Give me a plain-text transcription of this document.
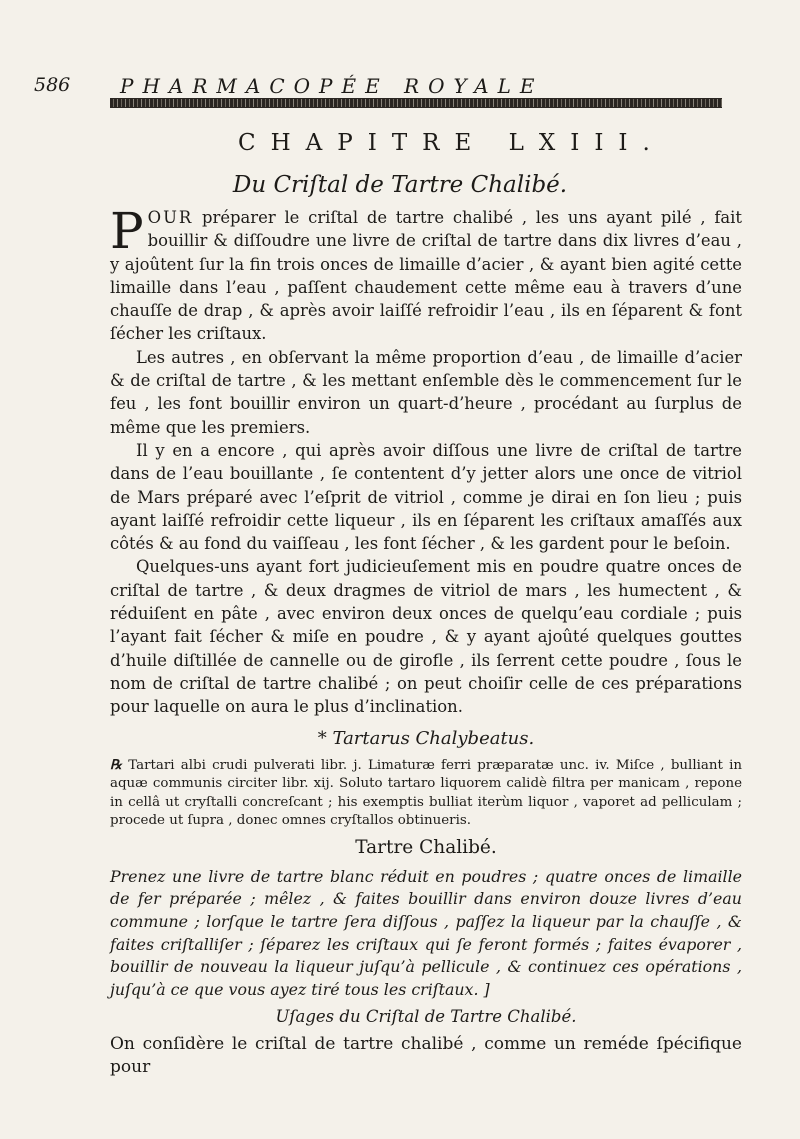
586 PHARMACOPÉE ROYALE
CHAPITRE LXIII.
Du Criſtal de Tartre Chalibé.

POUR préparer le criſtal de tartre chalibé , les uns ayant pilé , fait bouillir & diſſoudre une livre de criſtal de tartre dans dix livres d’eau , y ajoûtent ſur la fin trois onces de limaille d’acier , & ayant bien agité cette limaille dans l’eau , paſſent chaudement cette même eau à travers d’une chauſſe de drap , & après avoir laiſſé refroidir l’eau , ils en ſéparent & font ſécher les criſtaux.

Les autres , en obſervant la même proportion d’eau , de limaille d’acier & de criſtal de tartre , & les mettant enſemble dès le commencement ſur le feu , les font bouillir environ un quart-d’heure , procédant au ſurplus de même que les premiers.

Il y en a encore , qui après avoir diſſous une livre de criſtal de tartre dans de l’eau bouillante , ſe contentent d’y jetter alors une once de vitriol de Mars préparé avec l’eſprit de vitriol , comme je dirai en ſon lieu ; puis ayant laiſſé refroidir cette liqueur , ils en ſéparent les criſtaux amaſſés aux côtés & au fond du vaiſſeau , les font ſécher , & les gardent pour le beſoin.

Quelques-uns ayant fort judicieuſement mis en poudre quatre onces de criſtal de tartre , & deux dragmes de vitriol de mars , les humectent , & réduiſent en pâte , avec environ deux onces de quelqu’eau cordiale ; puis l’ayant fait ſécher & miſe en poudre , & y ayant ajoûté quelques gouttes d’huile diſtillée de cannelle ou de girofle , ils ſerrent cette poudre , ſous le nom de criſtal de tartre chalibé ; on peut choiſir celle de ces préparations pour laquelle on aura le plus d’inclination.

* Tartarus Chalybeatus.

℞ Tartari albi crudi pulverati libr. j. Limaturæ ferri præparatæ unc. iv. Miſce , bulliant in aquæ communis circiter libr. xij. Soluto tartaro liquorem calidè filtra per manicam , repone in cellâ ut cryſtalli concreſcant ; his exemptis bulliat iterùm liquor , vaporet ad pelliculam ; procede ut ſupra , donec omnes cryſtallos obtinueris.

Tartre Chalibé.

Prenez une livre de tartre blanc réduit en poudres ; quatre onces de limaille de fer préparée ; mêlez , & faites bouillir dans environ douze livres d’eau commune ; lorſque le tartre ſera diſſous , paſſez la liqueur par la chauſſe , & faites criſtalliſer ; ſéparez les criſtaux qui ſe feront formés ; faites évaporer , bouillir de nouveau la liqueur juſqu’à pellicule , & continuez ces opérations , juſqu’à ce que vous ayez tiré tous les criſtaux. ]

Uſages du Criſtal de Tartre Chalibé.

On conſidère le criſtal de tartre chalibé , comme un reméde ſpécifique pour
